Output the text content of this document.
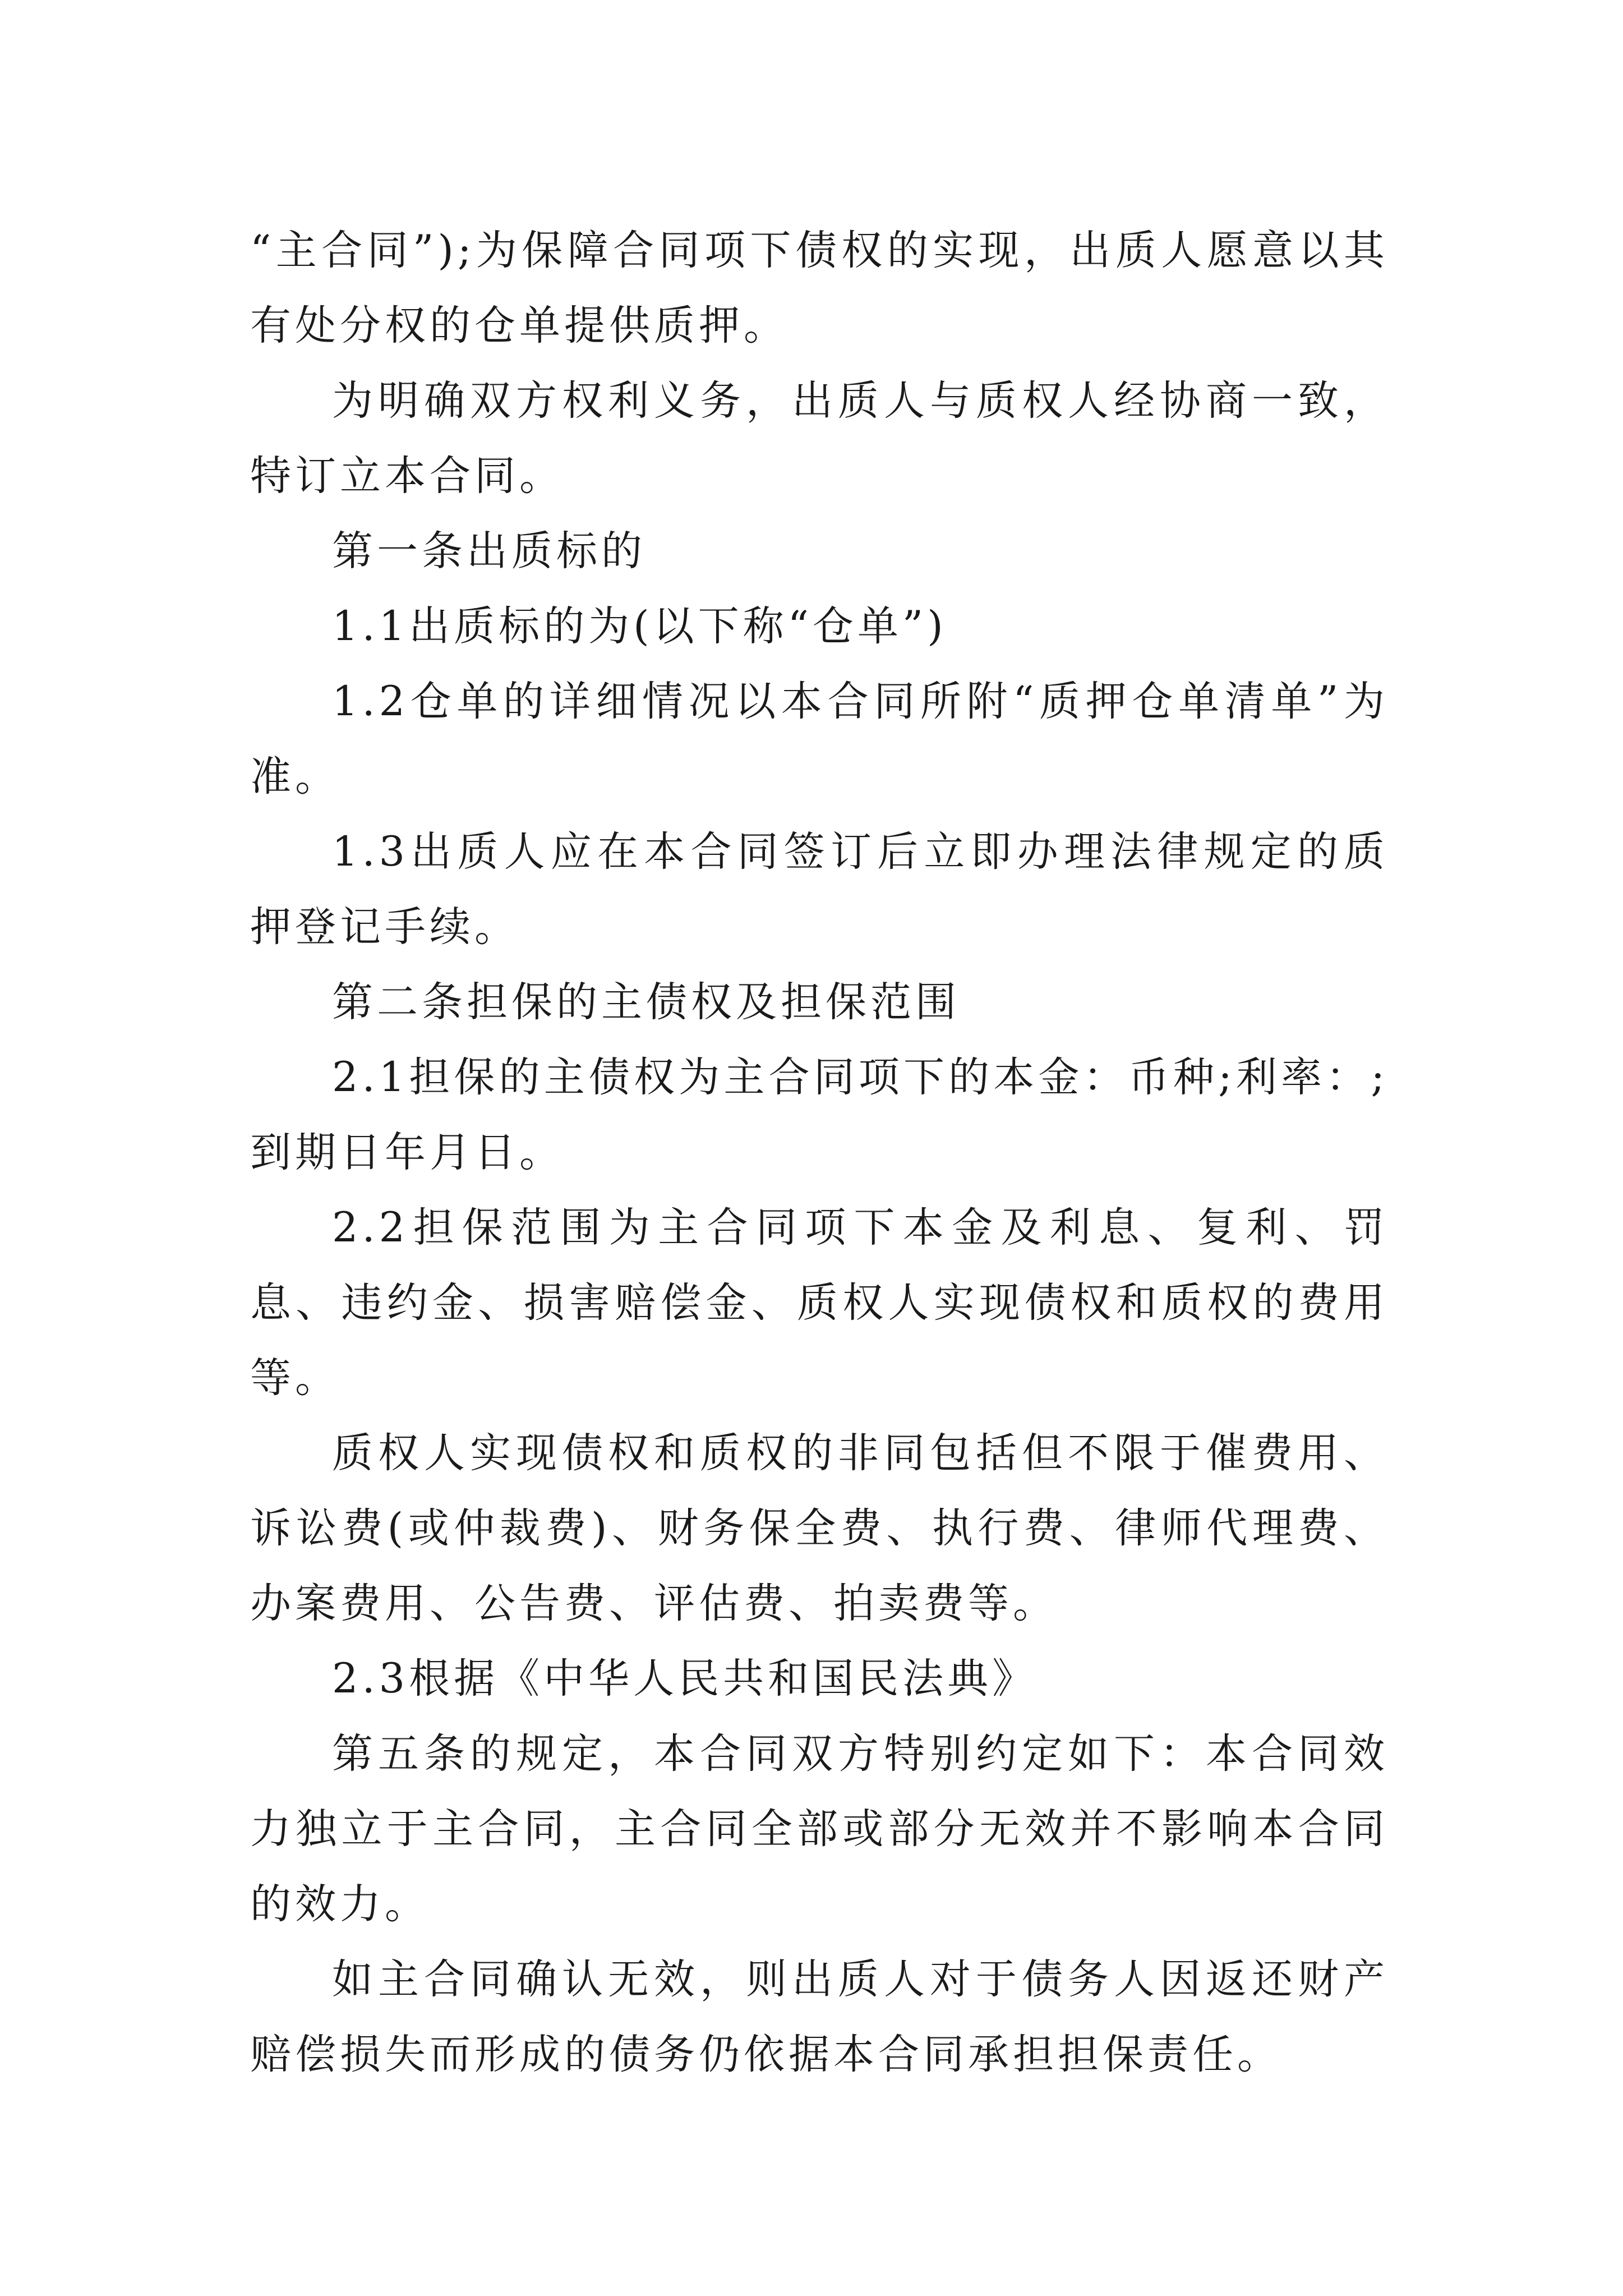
“主合同”);为保障合同项下债权的实现，出质人愿意以其有处分权的仓单提供质押。

为明确双方权利义务，出质人与质权人经协商一致，特订立本合同。

第一条出质标的

1.1出质标的为(以下称“仓单”)

1.2仓单的详细情况以本合同所附“质押仓单清单”为准。

1.3出质人应在本合同签订后立即办理法律规定的质押登记手续。

第二条担保的主债权及担保范围

2.1担保的主债权为主合同项下的本金：币种;利率：;到期日年月日。

2.2担保范围为主合同项下本金及利息、复利、罚息、违约金、损害赔偿金、质权人实现债权和质权的费用等。

质权人实现债权和质权的非同包括但不限于催费用、诉讼费(或仲裁费)、财务保全费、执行费、律师代理费、办案费用、公告费、评估费、拍卖费等。

2.3根据《中华人民共和国民法典》

第五条的规定，本合同双方特别约定如下：本合同效力独立于主合同，主合同全部或部分无效并不影响本合同的效力。

如主合同确认无效，则出质人对于债务人因返还财产赔偿损失而形成的债务仍依据本合同承担担保责任。
